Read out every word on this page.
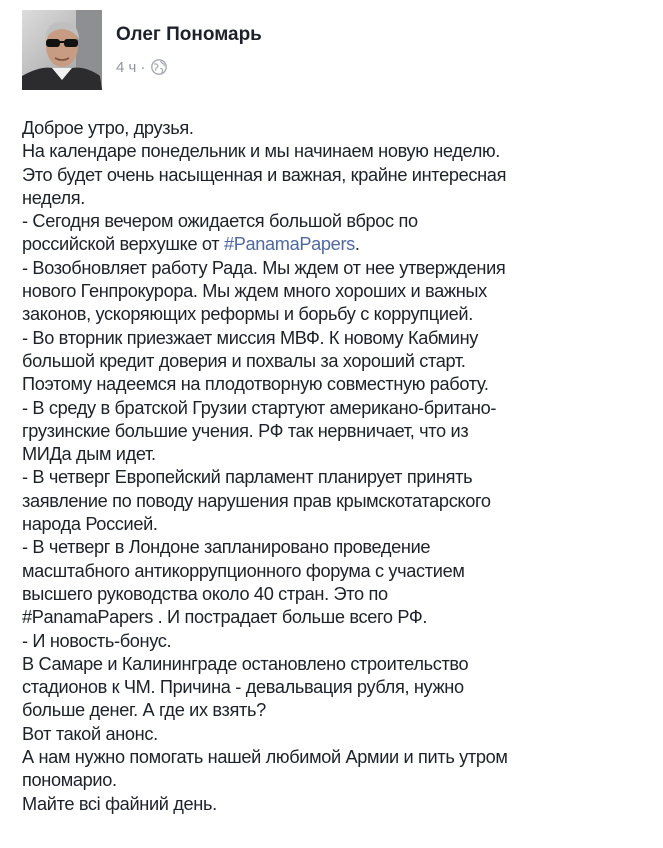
Олег Пономарь
4 ч ·
Доброе утро, друзья.
На календаре понедельник и мы начинаем новую неделю.
Это будет очень насыщенная и важная, крайне интересная
неделя.
- Сегодня вечером ожидается большой вброс по
российской верхушке от #PanamaPapers.
- Возобновляет работу Рада. Мы ждем от нее утверждения
нового Генпрокурора. Мы ждем много хороших и важных
законов, ускоряющих реформы и борьбу с коррупцией.
- Во вторник приезжает миссия МВФ. К новому Кабмину
большой кредит доверия и похвалы за хороший старт.
Поэтому надеемся на плодотворную совместную работу.
- В среду в братской Грузии стартуют американо-британо-
грузинские большие учения. РФ так нервничает, что из
МИДа дым идет.
- В четверг Европейский парламент планирует принять
заявление по поводу нарушения прав крымскотатарского
народа Россией.
- В четверг в Лондоне запланировано проведение
масштабного антикоррупционного форума с участием
высшего руководства около 40 стран. Это по
#PanamaPapers . И пострадает больше всего РФ.
- И новость-бонус.
В Самаре и Калининграде остановлено строительство
стадионов к ЧМ. Причина - девальвация рубля, нужно
больше денег. А где их взять?
Вот такой анонс.
А нам нужно помогать нашей любимой Армии и пить утром
пономарио.
Майте всі файний день.
